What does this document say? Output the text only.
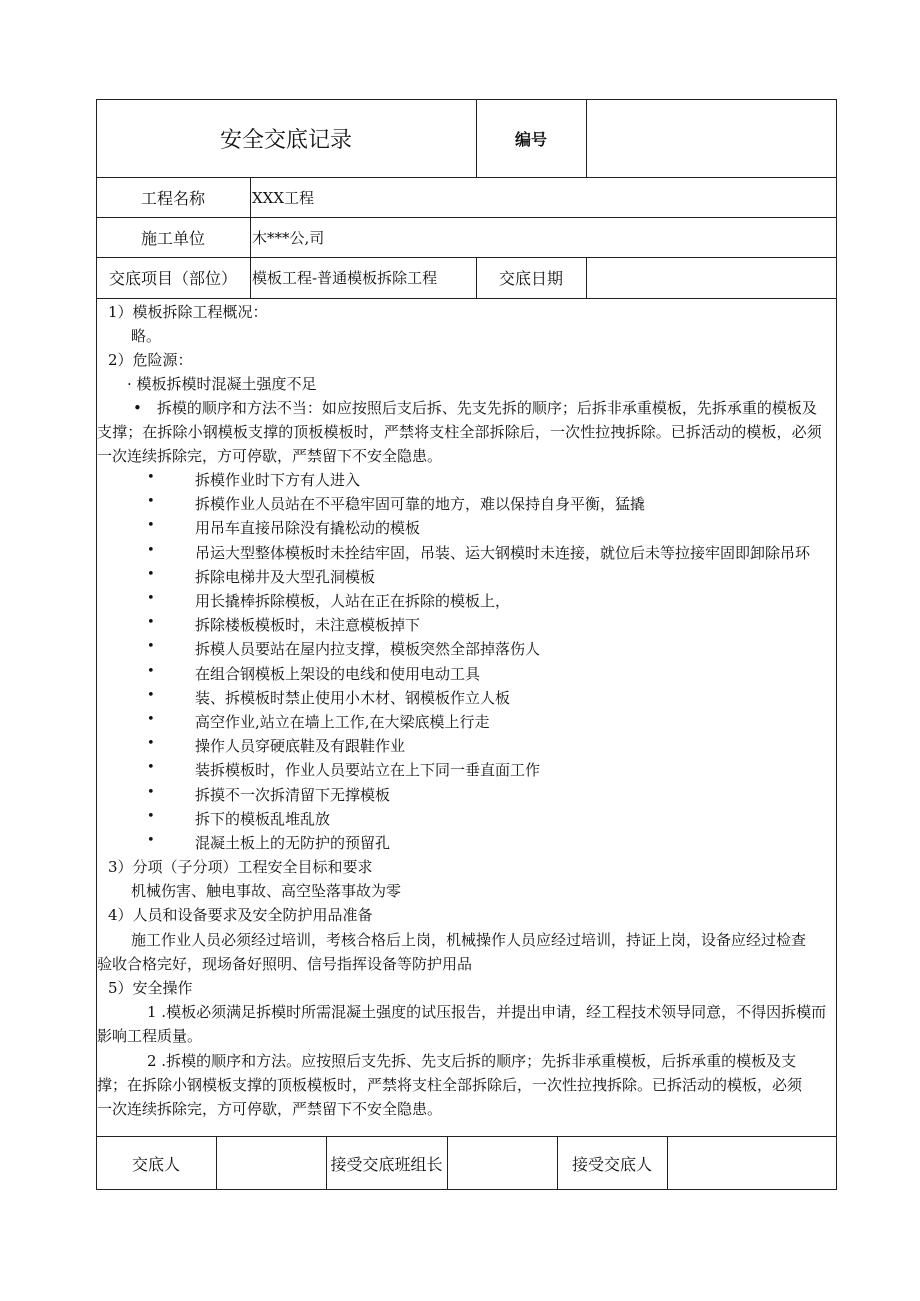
安全交底记录	编号
工程名称	XXX工程
施工单位	木***公,司
交底项目（部位）	模板工程-普通模板拆除工程	交底日期
1）模板拆除工程概况：
略。
2）危险源：
· 模板拆模时混凝土强度不足
•　拆模的顺序和方法不当：如应按照后支后拆、先支先拆的顺序；后拆非承重模板，先拆承重的模板及
支撑；在拆除小钢模板支撑的顶板模板时，严禁将支柱全部拆除后，一次性拉拽拆除。已拆活动的模板，必须
一次连续拆除完，方可停歇，严禁留下不安全隐患。
•	拆模作业时下方有人进入
•	拆模作业人员站在不平稳牢固可靠的地方，难以保持自身平衡，猛撬
•	用吊车直接吊除没有撬松动的模板
•	吊运大型整体模板时未拴结牢固，吊装、运大钢模时未连接，就位后未等拉接牢固即卸除吊环
•	拆除电梯井及大型孔洞模板
•	用长撬棒拆除模板，人站在正在拆除的模板上，
•	拆除楼板模板时，未注意模板掉下
•	拆模人员要站在屋内拉支撑，模板突然全部掉落伤人
•	在组合钢模板上架设的电线和使用电动工具
•	装、拆模板时禁止使用小木材、钢模板作立人板
•	高空作业,站立在墙上工作,在大梁底模上行走
•	操作人员穿硬底鞋及有跟鞋作业
•	装拆模板时，作业人员要站立在上下同一垂直面工作
•	拆摸不一次拆清留下无撑模板
•	拆下的模板乱堆乱放
•	混凝土板上的无防护的预留孔
3）分项（子分项）工程安全目标和要求
机械伤害、触电事故、高空坠落事故为零
4）人员和设备要求及安全防护用品准备
施工作业人员必须经过培训，考核合格后上岗，机械操作人员应经过培训，持证上岗，设备应经过检查
验收合格完好，现场备好照明、信号指挥设备等防护用品
5）安全操作
1 .模板必须满足拆模时所需混凝土强度的试压报告，并提出申请，经工程技术领导同意，不得因拆模而
影响工程质量。
2 .拆模的顺序和方法。应按照后支先拆、先支后拆的顺序；先拆非承重模板，后拆承重的模板及支
撑；在拆除小钢模板支撑的顶板模板时，严禁将支柱全部拆除后，一次性拉拽拆除。已拆活动的模板，必须
一次连续拆除完，方可停歇，严禁留下不安全隐患。
交底人	接受交底班组长	接受交底人
